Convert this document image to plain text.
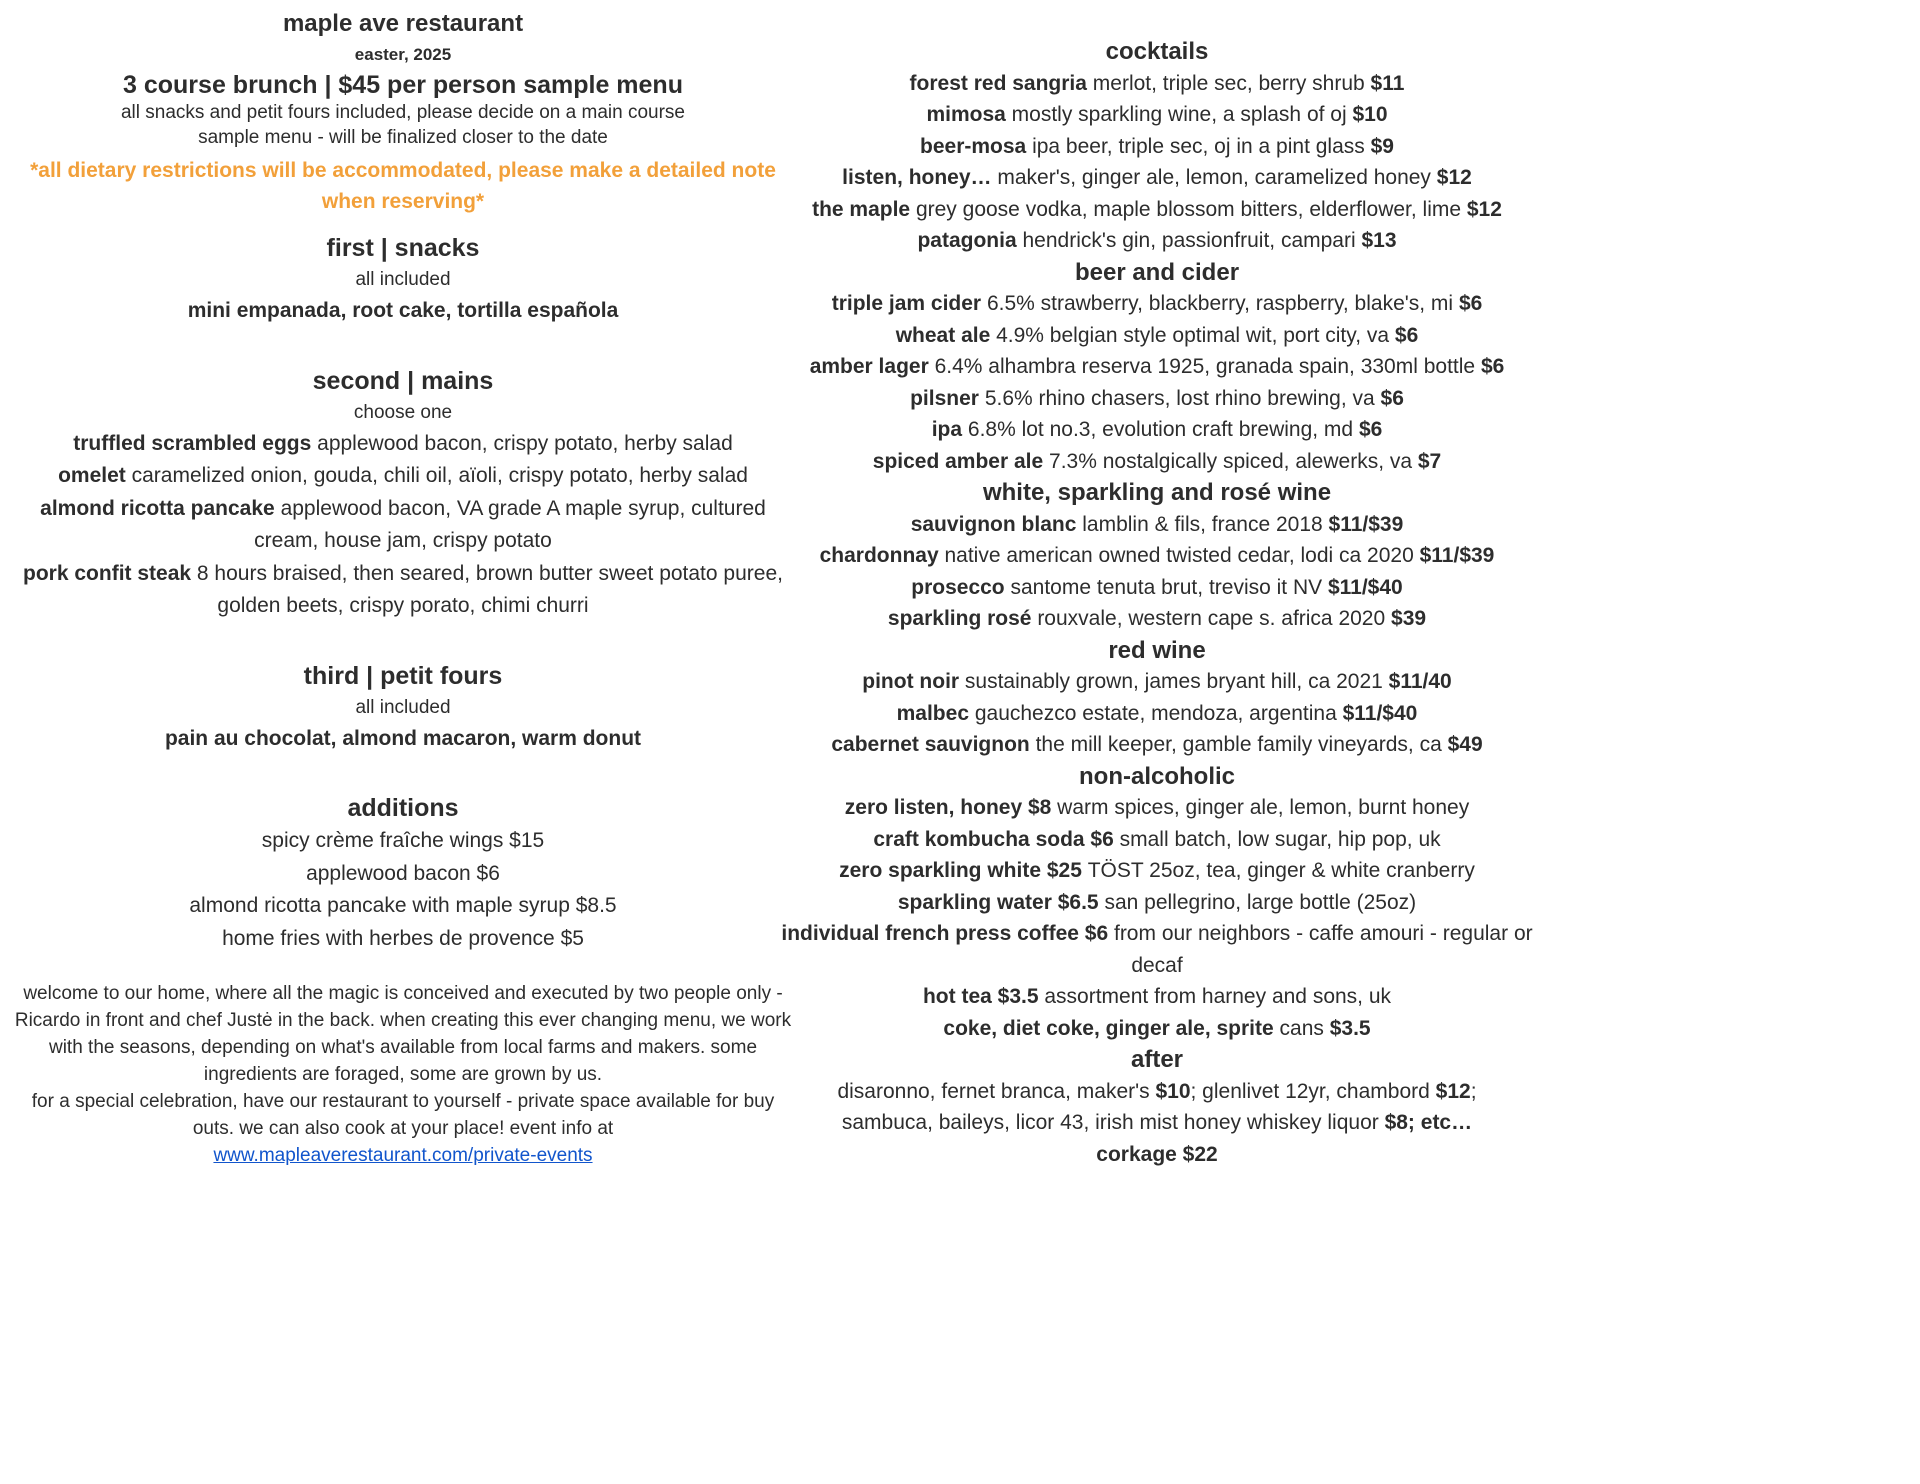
maple ave restaurant
easter, 2025
3 course brunch | $45 per person sample menu
all snacks and petit fours included, please decide on a main course
sample menu - will be finalized closer to the date
*all dietary restrictions will be accommodated, please make a detailed note when reserving*
first | snacks
all included
mini empanada, root cake, tortilla española
second | mains
choose one
truffled scrambled eggs applewood bacon, crispy potato, herby salad
omelet caramelized onion, gouda, chili oil, aïoli, crispy potato, herby salad
almond ricotta pancake applewood bacon, VA grade A maple syrup, cultured cream, house jam, crispy potato
pork confit steak 8 hours braised, then seared, brown butter sweet potato puree, golden beets, crispy porato, chimi churri
third | petit fours
all included
pain au chocolat, almond macaron, warm donut
additions
spicy crème fraîche wings $15
applewood bacon $6
almond ricotta pancake with maple syrup $8.5
home fries with herbes de provence $5
welcome to our home, where all the magic is conceived and executed by two people only - Ricardo in front and chef Justė in the back. when creating this ever changing menu, we work with the seasons, depending on what's available from local farms and makers. some ingredients are foraged, some are grown by us.
for a special celebration, have our restaurant to yourself - private space available for buy outs. we can also cook at your place! event info at
www.mapleaverestaurant.com/private-events
cocktails
forest red sangria merlot, triple sec, berry shrub $11
mimosa mostly sparkling wine, a splash of oj $10
beer-mosa ipa beer, triple sec, oj in a pint glass $9
listen, honey… maker's, ginger ale, lemon, caramelized honey $12
the maple grey goose vodka, maple blossom bitters, elderflower, lime $12
patagonia hendrick's gin, passionfruit, campari $13
beer and cider
triple jam cider 6.5% strawberry, blackberry, raspberry, blake's, mi $6
wheat ale 4.9% belgian style optimal wit, port city, va $6
amber lager 6.4% alhambra reserva 1925, granada spain, 330ml bottle $6
pilsner 5.6% rhino chasers, lost rhino brewing, va $6
ipa 6.8% lot no.3, evolution craft brewing, md $6
spiced amber ale 7.3% nostalgically spiced, alewerks, va $7
white, sparkling and rosé wine
sauvignon blanc lamblin & fils, france 2018 $11/$39
chardonnay native american owned twisted cedar, lodi ca 2020 $11/$39
prosecco santome tenuta brut, treviso it NV $11/$40
sparkling rosé rouxvale, western cape s. africa 2020 $39
red wine
pinot noir sustainably grown, james bryant hill, ca 2021 $11/40
malbec gauchezco estate, mendoza, argentina $11/$40
cabernet sauvignon the mill keeper, gamble family vineyards, ca $49
non-alcoholic
zero listen, honey $8 warm spices, ginger ale, lemon, burnt honey
craft kombucha soda $6 small batch, low sugar, hip pop, uk
zero sparkling white $25 TÖST 25oz, tea, ginger & white cranberry
sparkling water $6.5 san pellegrino, large bottle (25oz)
individual french press coffee $6 from our neighbors - caffe amouri - regular or decaf
hot tea $3.5 assortment from harney and sons, uk
coke, diet coke, ginger ale, sprite cans $3.5
after
disaronno, fernet branca, maker's $10; glenlivet 12yr, chambord $12;
sambuca, baileys, licor 43, irish mist honey whiskey liquor $8; etc…
corkage $22
